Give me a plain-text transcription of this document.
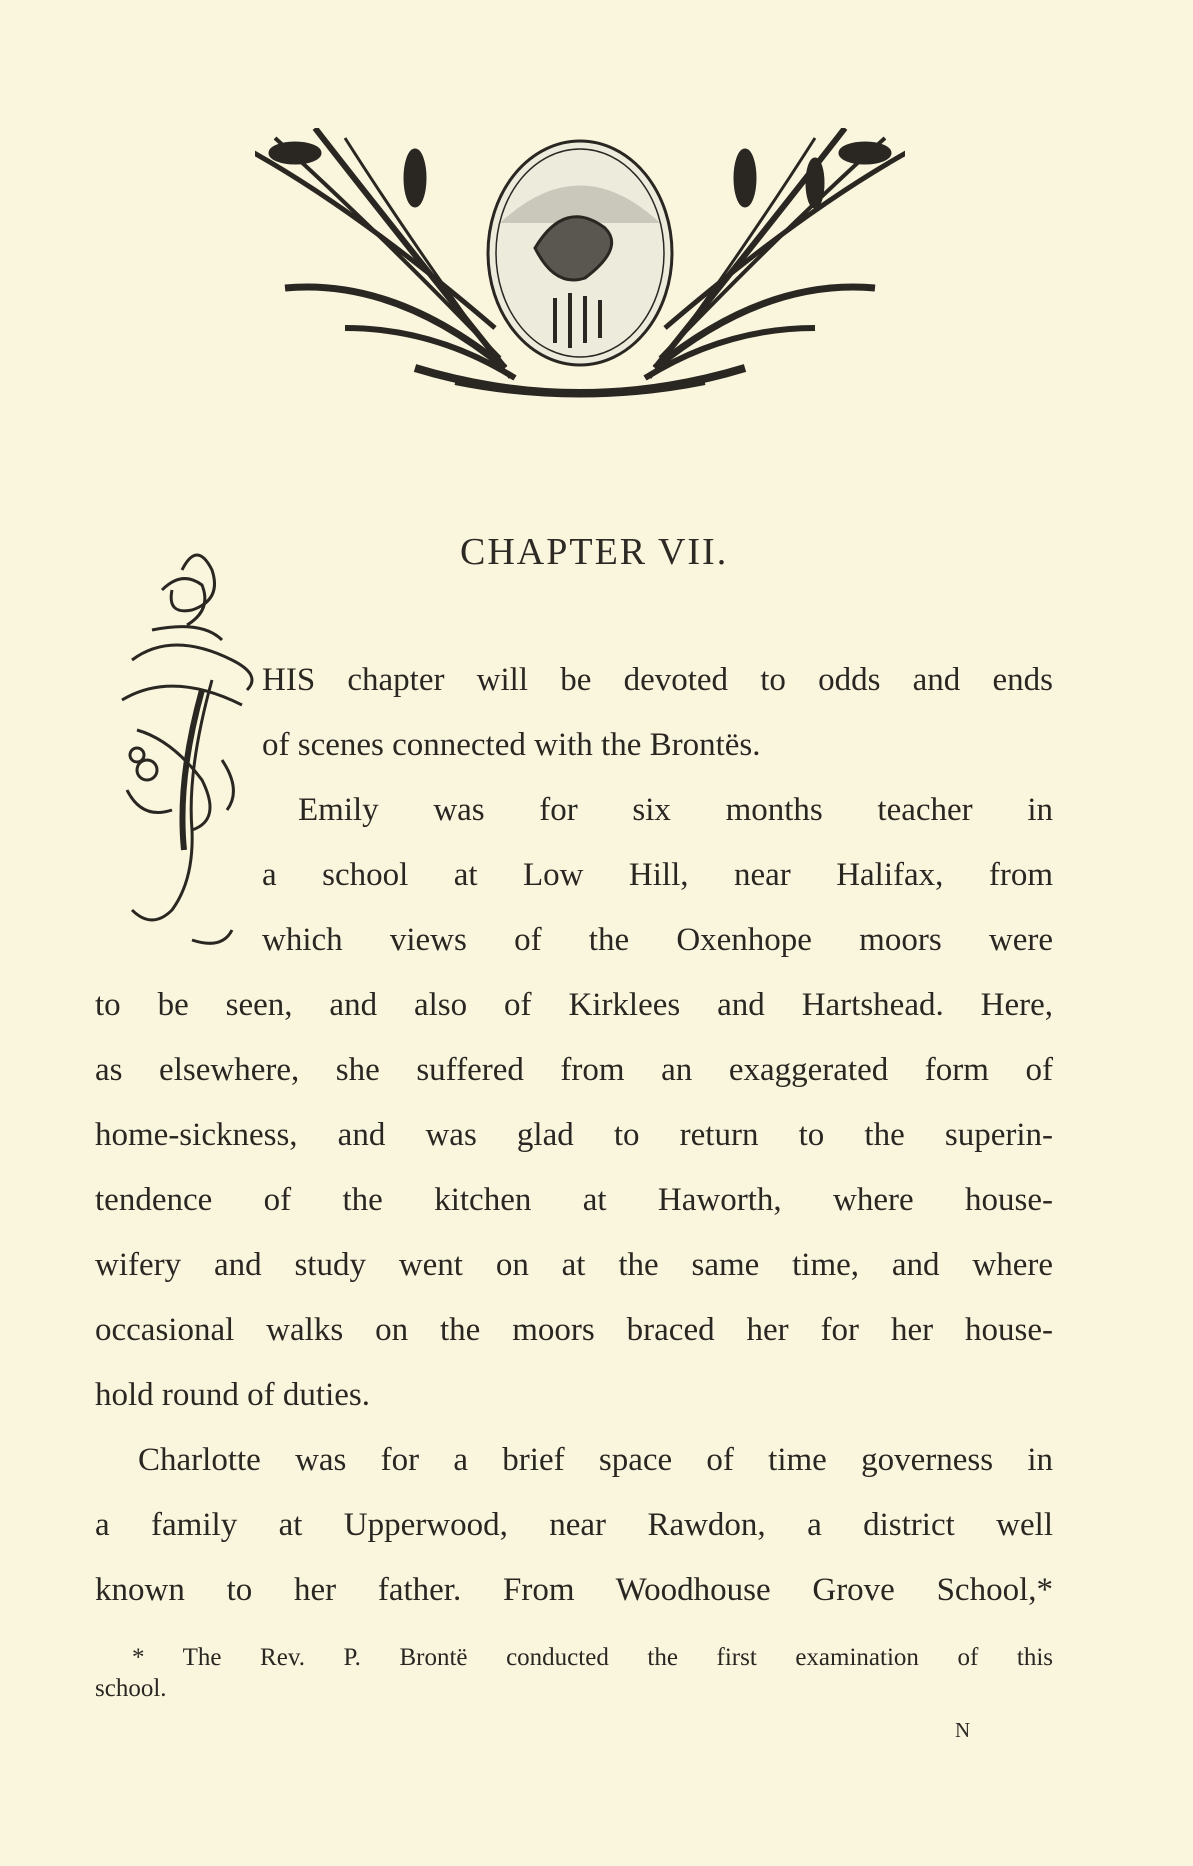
CHAPTER VII.
HIS chapter will be devoted to odds and ends
of scenes connected with the Brontës.
Emily was for six months teacher in
a school at Low Hill, near Halifax, from
which views of the Oxenhope moors were
to be seen, and also of Kirklees and Hartshead. Here,
as elsewhere, she suffered from an exaggerated form of
home-sickness, and was glad to return to the superin-
tendence of the kitchen at Haworth, where house-
wifery and study went on at the same time, and where
occasional walks on the moors braced her for her house-
hold round of duties.
Charlotte was for a brief space of time governess in
a family at Upperwood, near Rawdon, a district well
known to her father. From Woodhouse Grove School,*
* The Rev. P. Brontë conducted the first examination of this
school.
N
